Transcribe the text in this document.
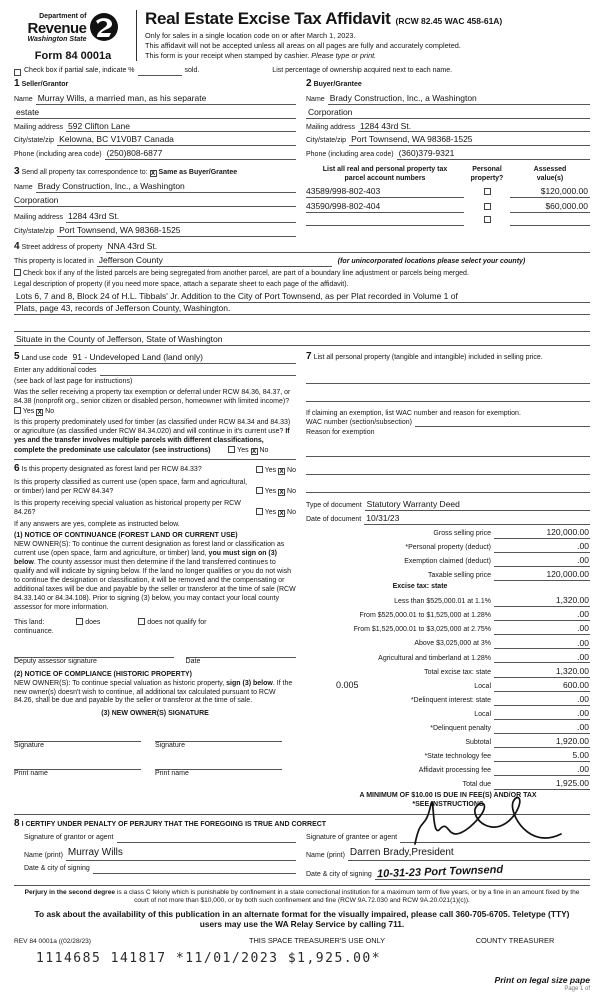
Department of
Revenue
Washington State
Form 84 0001a
Real Estate Excise Tax Affidavit (RCW 82.45 WAC 458-61A)
Only for sales in a single location code on or after March 1, 2023.
This affidavit will not be accepted unless all areas on all pages are fully and accurately completed.
This form is your receipt when stamped by cashier. Please type or print.
Check box if partial sale, indicate %	sold.	List percentage of ownership acquired next to each name.
1 Seller/Grantor
Name Murray Wills, a married man, as his separate
estate
Mailing address 592 Clifton Lane
City/state/zip Kelowna, BC V1V0B7 Canada
Phone (including area code) (250)808-6877
2 Buyer/Grantee
Name Brady Construction, Inc., a Washington
Corporation
Mailing address 1284 43rd St.
City/state/zip Port Townsend, WA 98368-1525
Phone (including area code) (360)379-9321
3 Send all property tax correspondence to: X Same as Buyer/Grantee
Name Brady Construction, Inc., a Washington
Corporation
Mailing address 1284 43rd St.
City/state/zip Port Townsend, WA 98368-1525
List all real and personal property tax
parcel account numbers
Personal
property?
Assessed
value(s)
43589/998-802-403	$120,000.00
43590/998-802-404	$60,000.00
4 Street address of property NNA 43rd St.
This property is located in Jefferson County	(for unincorporated locations please select your county)
Check box if any of the listed parcels are being segregated from another parcel, are part of a boundary line adjustment or parcels being merged.
Legal description of property (if you need more space, attach a separate sheet to each page of the affidavit).
Lots 6, 7 and 8, Block 24 of H.L. Tibbals' Jr. Addition to the City of Port Townsend, as per Plat recorded in Volume 1 of
Plats, page 43, records of Jefferson County, Washington.
Situate in the County of Jefferson, State of Washington
5 Land use code 91 - Undeveloped Land (land only)
Enter any additional codes
(see back of last page for instructions)
Was the seller receiving a property tax exemption or deferral under RCW 84.36, 84.37, or 84.38 (nonprofit org., senior citizen or disabled person, homeowner with limited income)?  Yes X No
Is this property predominately used for timber (as classified under RCW 84.34 and 84.33) or agriculture (as classified under RCW 84.34.020) and will continue in it's current use? If yes and the transfer involves multiple parcels with different classifications, complete the predominate use calculator (see instructions)	Yes X No
6 Is this property designated as forest land per RCW 84.33?	Yes X No
Is this property classified as current use (open space, farm and agricultural, or timber) land per RCW 84.34?	Yes X No
Is this property receiving special valuation as historical property per RCW 84.26?	Yes X No
If any answers are yes, complete as instructed below.
(1) NOTICE OF CONTINUANCE (FOREST LAND OR CURRENT USE)
NEW OWNER(S): To continue the current designation as forest land or classification as current use (open space, farm and agriculture, or timber) land, you must sign on (3) below. The county assessor must then determine if the land transferred continues to qualify and will indicate by signing below. If the land no longer qualifies or you do not wish to continue the designation or classification, it will be removed and the compensating or additional taxes will be due and payable by the seller or transferor at the time of sale (RCW 84.33.140 or 84.34.108). Prior to signing (3) below, you may contact your local county assessor for more information.
This land:	does	does not qualify for
continuance.
Deputy assessor signature	Date
(2) NOTICE OF COMPLIANCE (HISTORIC PROPERTY)
NEW OWNER(S): To continue special valuation as historic property, sign (3) below. If the new owner(s) doesn't wish to continue, all additional tax calculated pursuant to RCW 84.26, shall be due and payable by the seller or transferor at the time of sale.
(3) NEW OWNER(S) SIGNATURE
Signature	Signature
Print name	Print name
7 List all personal property (tangible and intangible) included in selling price.
If claiming an exemption, list WAC number and reason for exemption.
WAC number (section/subsection)
Reason for exemption
Type of document Statutory Warranty Deed
Date of document 10/31/23
Gross selling price	120,000.00
*Personal property (deduct)	.00
Exemption claimed (deduct)	.00
Taxable selling price	120,000.00
Excise tax: state
Less than $525,000.01 at 1.1%	1,320.00
From $525,000.01 to $1,525,000 at 1.28%	.00
From $1,525,000.01 to $3,025,000 at 2.75%	.00
Above $3,025,000 at 3%	.00
Agricultural and timberland at 1.28%	.00
Total excise tax: state	1,320.00
0.005	Local	600.00
*Delinquent interest: state	.00
Local	.00
*Delinquent penalty	.00
Subtotal	1,920.00
*State technology fee	5.00
Affidavit processing fee	.00
Total due	1,925.00
A MINIMUM OF $10.00 IS DUE IN FEE(S) AND/OR TAX
*SEE INSTRUCTIONS
8 I CERTIFY UNDER PENALTY OF PERJURY THAT THE FOREGOING IS TRUE AND CORRECT
Signature of grantor or agent
Name (print) Murray Wills
Date & city of signing
Signature of grantee or agent
Name (print) Darren Brady,President
Date & city of signing 10-31-23 Port Townsend
Perjury in the second degree is a class C felony which is punishable by confinement in a state correctional institution for a maximum term of five years, or by a fine in an amount fixed by the court of not more than $10,000, or by both such confinement and fine (RCW 9A.72.030 and RCW 9A.20.021(1)(c)).
To ask about the availability of this publication in an alternate format for the visually impaired, please call 360-705-6705. Teletype (TTY) users may use the WA Relay Service by calling 711.
REV 84 0001a ((02/28/23)	THIS SPACE TREASURER'S USE ONLY	COUNTY TREASURER
1114685 141817 *11/01/2023 $1,925.00*
Print on legal size pape
Page 1 of
